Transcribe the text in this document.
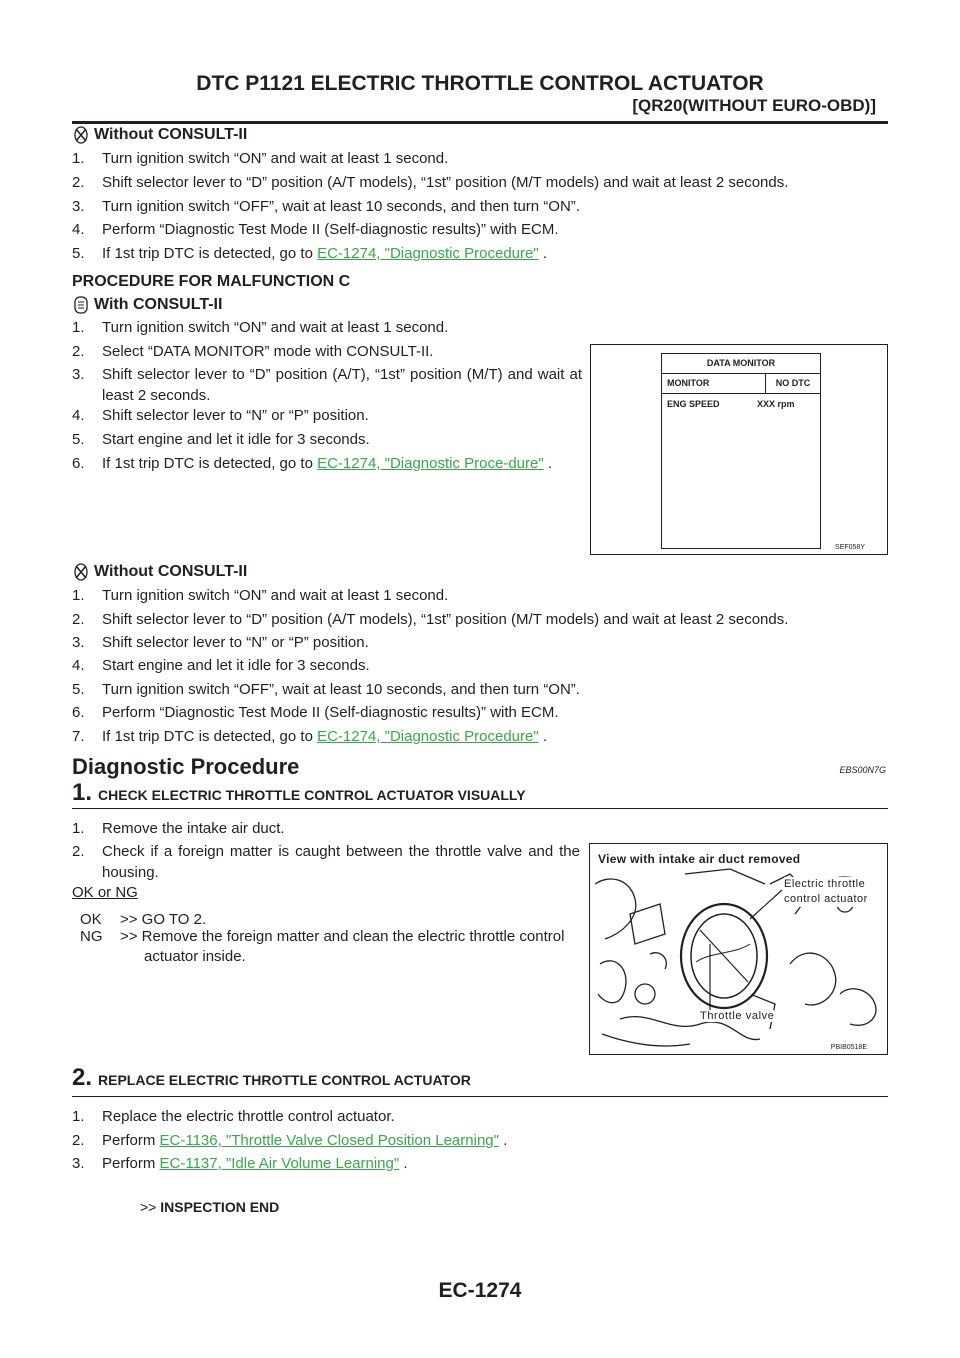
DTC P1121 ELECTRIC THROTTLE CONTROL ACTUATOR
[QR20(WITHOUT EURO-OBD)]
Without CONSULT-II
1.	Turn ignition switch “ON” and wait at least 1 second.
2.	Shift selector lever to “D” position (A/T models), “1st” position (M/T models) and wait at least 2 seconds.
3.	Turn ignition switch “OFF”, wait at least 10 seconds, and then turn “ON”.
4.	Perform “Diagnostic Test Mode II (Self-diagnostic results)” with ECM.
5.	If 1st trip DTC is detected, go to EC-1274, "Diagnostic Procedure" .
PROCEDURE FOR MALFUNCTION C
With CONSULT-II
1.	Turn ignition switch “ON” and wait at least 1 second.
2.	Select “DATA MONITOR” mode with CONSULT-II.
3.	Shift selector lever to “D” position (A/T), “1st” position (M/T) and wait at least 2 seconds.
4.	Shift selector lever to “N” or “P” position.
5.	Start engine and let it idle for 3 seconds.
6.	If 1st trip DTC is detected, go to EC-1274, "Diagnostic Proce-dure" .
DATA MONITOR
MONITOR	NO DTC
ENG SPEED	XXX rpm
SEF058Y
Without CONSULT-II
1.	Turn ignition switch “ON” and wait at least 1 second.
2.	Shift selector lever to “D” position (A/T models), “1st” position (M/T models) and wait at least 2 seconds.
3.	Shift selector lever to “N” or “P” position.
4.	Start engine and let it idle for 3 seconds.
5.	Turn ignition switch “OFF”, wait at least 10 seconds, and then turn “ON”.
6.	Perform “Diagnostic Test Mode II (Self-diagnostic results)” with ECM.
7.	If 1st trip DTC is detected, go to EC-1274, "Diagnostic Procedure" .
Diagnostic Procedure	EBS00N7G
1. CHECK ELECTRIC THROTTLE CONTROL ACTUATOR VISUALLY
1.	Remove the intake air duct.
2.	Check if a foreign matter is caught between the throttle valve and the housing.
OK or NG
OK	>> GO TO 2.
NG	>> Remove the foreign matter and clean the electric throttle control actuator inside.
View with intake air duct removed
Electric throttle control actuator
Throttle valve
PBIB0518E
2. REPLACE ELECTRIC THROTTLE CONTROL ACTUATOR
1.	Replace the electric throttle control actuator.
2.	Perform EC-1136, "Throttle Valve Closed Position Learning" .
3.	Perform EC-1137, "Idle Air Volume Learning" .
>> INSPECTION END
EC-1274
